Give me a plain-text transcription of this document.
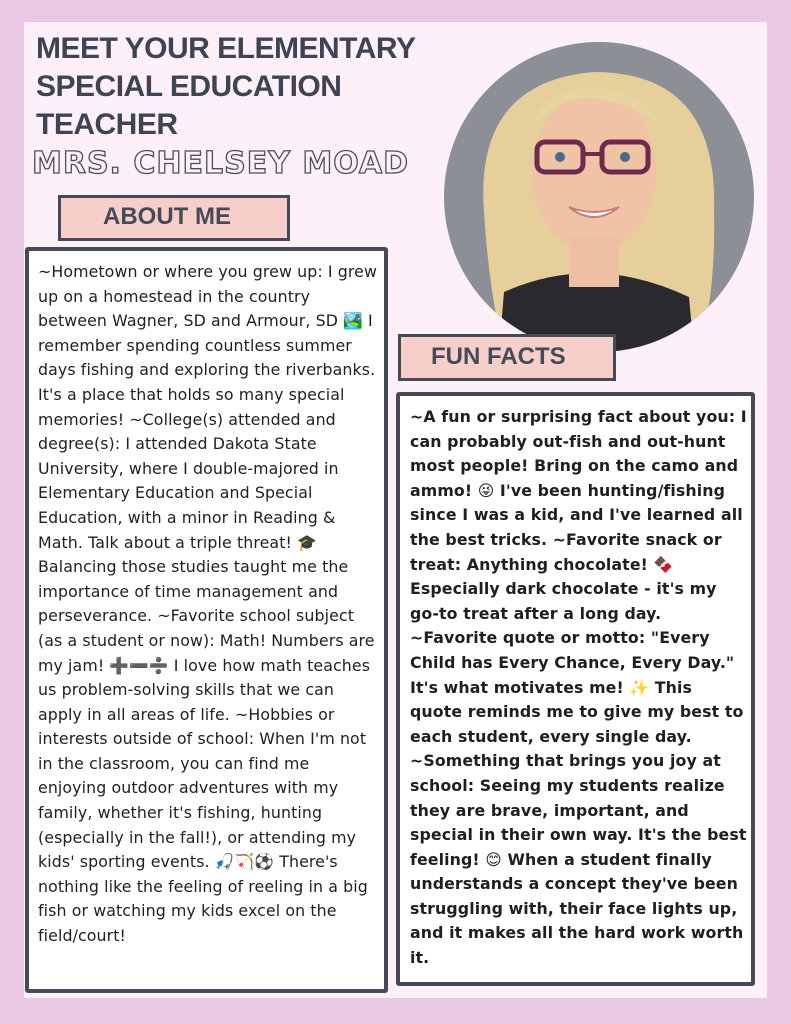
MEET YOUR ELEMENTARY SPECIAL EDUCATION TEACHER
MRS. CHELSEY MOAD
ABOUT ME

~Hometown or where you grew up: I grew up on a homestead in the country between Wagner, SD and Armour, SD 🏞️ I remember spending countless summer days fishing and exploring the riverbanks. It's a place that holds so many special memories! ~College(s) attended and degree(s): I attended Dakota State University, where I double-majored in Elementary Education and Special Education, with a minor in Reading & Math. Talk about a triple threat! 🎓 Balancing those studies taught me the importance of time management and perseverance. ~Favorite school subject (as a student or now): Math! Numbers are my jam! ➕➖➗ I love how math teaches us problem-solving skills that we can apply in all areas of life. ~Hobbies or interests outside of school: When I'm not in the classroom, you can find me enjoying outdoor adventures with my family, whether it's fishing, hunting (especially in the fall!), or attending my kids' sporting events. 🎣🏹⚽ There's nothing like the feeling of reeling in a big fish or watching my kids excel on the field/court!

FUN FACTS

~A fun or surprising fact about you: I can probably out-fish and out-hunt most people! Bring on the camo and ammo! 😜 I've been hunting/fishing since I was a kid, and I've learned all the best tricks. ~Favorite snack or treat: Anything chocolate! 🍫 Especially dark chocolate - it's my go-to treat after a long day. ~Favorite quote or motto: "Every Child has Every Chance, Every Day." It's what motivates me! ✨ This quote reminds me to give my best to each student, every single day. ~Something that brings you joy at school: Seeing my students realize they are brave, important, and special in their own way. It's the best feeling! 😊 When a student finally understands a concept they've been struggling with, their face lights up, and it makes all the hard work worth it.
